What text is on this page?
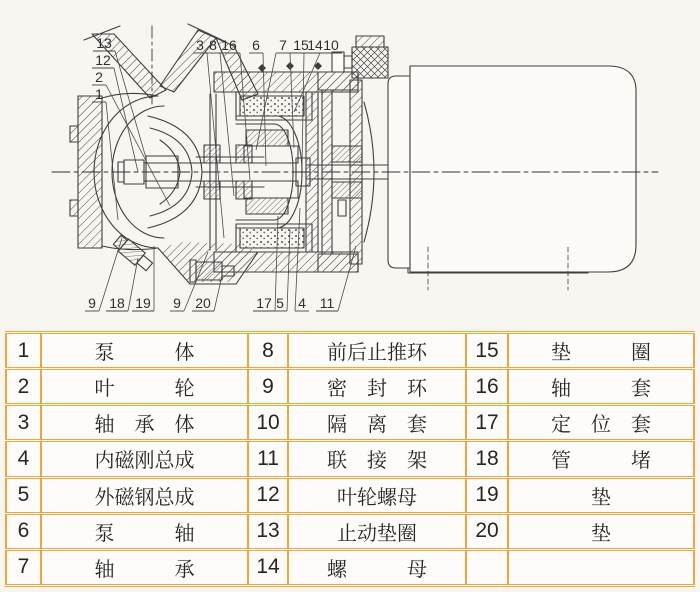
13
12
2
1
3 8 16 6 7 15
14 10
9 18 19 9 20	17 5 4 11
1	泵　　　体	8	前后止推环	15	垫　　　圈
2	叶　　　轮	9	密　封　环	16	轴　　　套
3	轴　承　体	10	隔　离　套	17	定　位　套
4	内磁刚总成	11	联　接　架	18	管　　　堵
5	外磁钢总成	12	叶轮螺母	19	垫
6	泵　　　轴	13	止动垫圈	20	垫
7	轴　　　承	14	螺　　　母		
